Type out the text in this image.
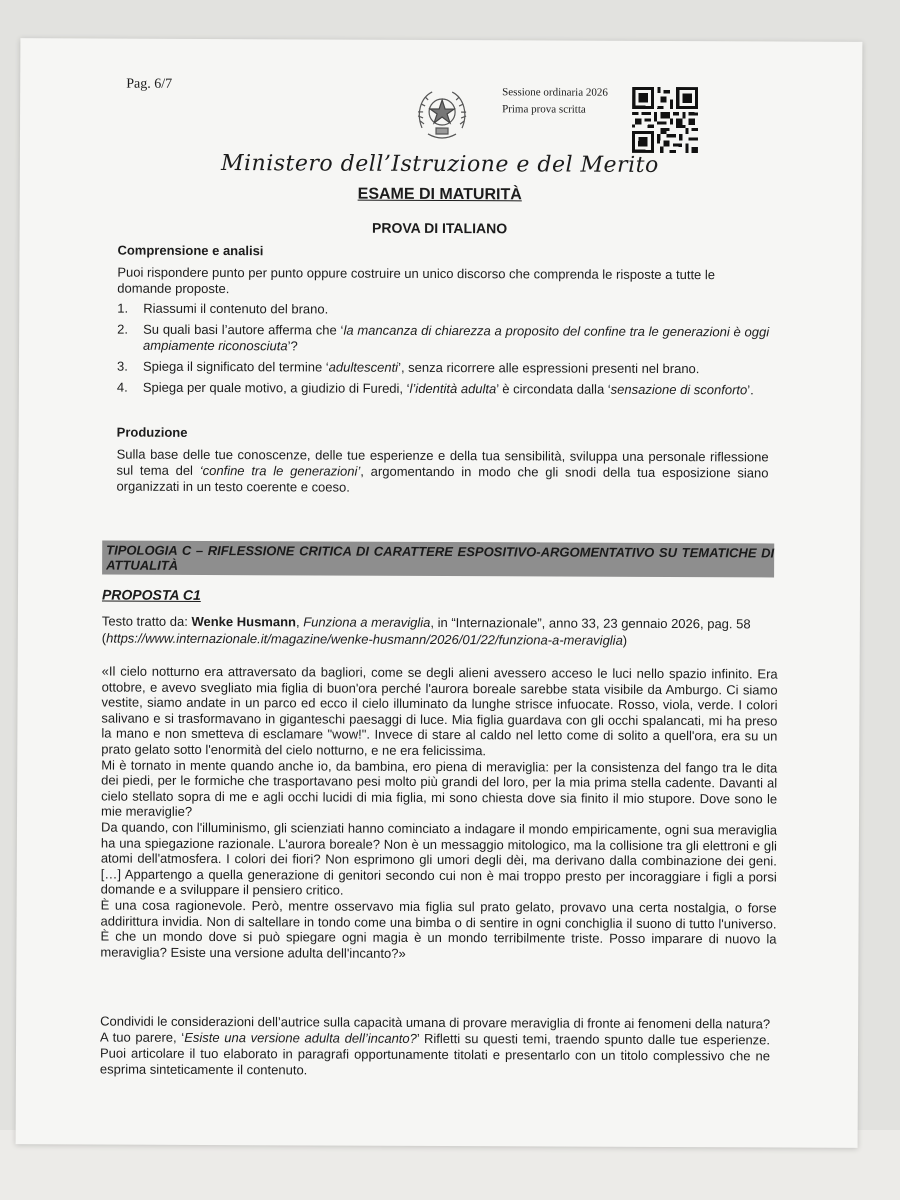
Pag. 6/7
Sessione ordinaria 2026
Prima prova scritta
Ministero dell’Istruzione e del Merito
ESAME DI MATURITÀ
PROVA DI ITALIANO
Comprensione e analisi
Puoi rispondere punto per punto oppure costruire un unico discorso che comprenda le risposte a tutte le domande proposte.
1. Riassumi il contenuto del brano.
2. Su quali basi l’autore afferma che ‘la mancanza di chiarezza a proposito del confine tra le generazioni è oggi ampiamente riconosciuta’?
3. Spiega il significato del termine ‘adultescenti’, senza ricorrere alle espressioni presenti nel brano.
4. Spiega per quale motivo, a giudizio di Furedi, ‘l’identità adulta’ è circondata dalla ‘sensazione di sconforto’.
Produzione
Sulla base delle tue conoscenze, delle tue esperienze e della tua sensibilità, sviluppa una personale riflessione sul tema del ‘confine tra le generazioni’, argomentando in modo che gli snodi della tua esposizione siano organizzati in un testo coerente e coeso.
TIPOLOGIA C – RIFLESSIONE CRITICA DI CARATTERE ESPOSITIVO-ARGOMENTATIVO SU TEMATICHE DI ATTUALITÀ
PROPOSTA C1
Testo tratto da: Wenke Husmann, Funziona a meraviglia, in “Internazionale”, anno 33, 23 gennaio 2026, pag. 58 (https://www.internazionale.it/magazine/wenke-husmann/2026/01/22/funziona-a-meraviglia)

«Il cielo notturno era attraversato da bagliori, come se degli alieni avessero acceso le luci nello spazio infinito. Era ottobre, e avevo svegliato mia figlia di buon'ora perché l'aurora boreale sarebbe stata visibile da Amburgo. Ci siamo vestite, siamo andate in un parco ed ecco il cielo illuminato da lunghe strisce infuocate. Rosso, viola, verde. I colori salivano e si trasformavano in giganteschi paesaggi di luce. Mia figlia guardava con gli occhi spalancati, mi ha preso la mano e non smetteva di esclamare "wow!". Invece di stare al caldo nel letto come di solito a quell'ora, era su un prato gelato sotto l'enormità del cielo notturno, e ne era felicissima.

Mi è tornato in mente quando anche io, da bambina, ero piena di meraviglia: per la consistenza del fango tra le dita dei piedi, per le formiche che trasportavano pesi molto più grandi del loro, per la mia prima stella cadente. Davanti al cielo stellato sopra di me e agli occhi lucidi di mia figlia, mi sono chiesta dove sia finito il mio stupore. Dove sono le mie meraviglie?

Da quando, con l'illuminismo, gli scienziati hanno cominciato a indagare il mondo empiricamente, ogni sua meraviglia ha una spiegazione razionale. L'aurora boreale? Non è un messaggio mitologico, ma la collisione tra gli elettroni e gli atomi dell'atmosfera. I colori dei fiori? Non esprimono gli umori degli dèi, ma derivano dalla combinazione dei geni. […] Appartengo a quella generazione di genitori secondo cui non è mai troppo presto per incoraggiare i figli a porsi domande e a sviluppare il pensiero critico.

È una cosa ragionevole. Però, mentre osservavo mia figlia sul prato gelato, provavo una certa nostalgia, o forse addirittura invidia. Non di saltellare in tondo come una bimba o di sentire in ogni conchiglia il suono di tutto l'universo. È che un mondo dove si può spiegare ogni magia è un mondo terribilmente triste. Posso imparare di nuovo la meraviglia? Esiste una versione adulta dell'incanto?»

Condividi le considerazioni dell’autrice sulla capacità umana di provare meraviglia di fronte ai fenomeni della natura? A tuo parere, ‘Esiste una versione adulta dell’incanto?’ Rifletti su questi temi, traendo spunto dalle tue esperienze. Puoi articolare il tuo elaborato in paragrafi opportunamente titolati e presentarlo con un titolo complessivo che ne esprima sinteticamente il contenuto.
